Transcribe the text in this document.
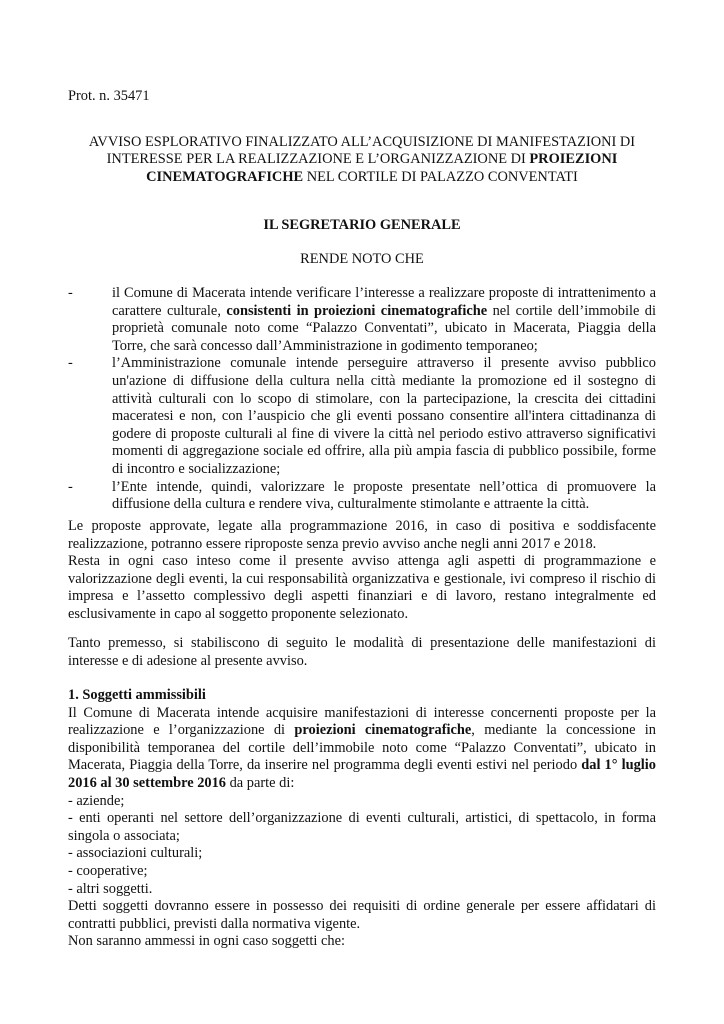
Prot. n. 35471
AVVISO ESPLORATIVO FINALIZZATO ALL’ACQUISIZIONE DI MANIFESTAZIONI DI INTERESSE PER LA REALIZZAZIONE E L’ORGANIZZAZIONE DI PROIEZIONI CINEMATOGRAFICHE NEL CORTILE DI PALAZZO CONVENTATI
IL SEGRETARIO GENERALE
RENDE NOTO CHE
-	il Comune di Macerata intende verificare l’interesse a realizzare proposte di intrattenimento a carattere culturale, consistenti in proiezioni cinematografiche nel cortile dell’immobile di proprietà comunale noto come “Palazzo Conventati”, ubicato in Macerata, Piaggia della Torre, che sarà concesso dall’Amministrazione in godimento temporaneo;
-	l’Amministrazione comunale intende perseguire attraverso il presente avviso pubblico un'azione di diffusione della cultura nella città mediante la promozione ed il sostegno di attività culturali con lo scopo di stimolare, con la partecipazione, la crescita dei cittadini maceratesi e non, con l’auspicio che gli eventi possano consentire all'intera cittadinanza di godere di proposte culturali al fine di vivere la città nel periodo estivo attraverso significativi momenti di aggregazione sociale ed offrire, alla più ampia fascia di pubblico possibile, forme di incontro e socializzazione;
-	l’Ente intende, quindi, valorizzare le proposte presentate nell’ottica di promuovere la diffusione della cultura e rendere viva, culturalmente stimolante e attraente la città.

Le proposte approvate, legate alla programmazione 2016, in caso di positiva e soddisfacente realizzazione, potranno essere riproposte senza previo avviso anche negli anni 2017 e 2018.

Resta in ogni caso inteso come il presente avviso attenga agli aspetti di programmazione e valorizzazione degli eventi, la cui responsabilità organizzativa e gestionale, ivi compreso il rischio di impresa e l’assetto complessivo degli aspetti finanziari e di lavoro, restano integralmente ed esclusivamente in capo al soggetto proponente selezionato.

Tanto premesso, si stabiliscono di seguito le modalità di presentazione delle manifestazioni di interesse e di adesione al presente avviso.

1. Soggetti ammissibili

Il Comune di Macerata intende acquisire manifestazioni di interesse concernenti proposte per la realizzazione e l’organizzazione di proiezioni cinematografiche, mediante la concessione in disponibilità temporanea del cortile dell’immobile noto come “Palazzo Conventati”, ubicato in Macerata, Piaggia della Torre, da inserire nel programma degli eventi estivi nel periodo dal 1° luglio 2016 al 30 settembre 2016 da parte di:

- aziende;

- enti operanti nel settore dell’organizzazione di eventi culturali, artistici, di spettacolo, in forma singola o associata;

- associazioni culturali;

- cooperative;

- altri soggetti.

Detti soggetti dovranno essere in possesso dei requisiti di ordine generale per essere affidatari di contratti pubblici, previsti dalla normativa vigente.

Non saranno ammessi in ogni caso soggetti che:
